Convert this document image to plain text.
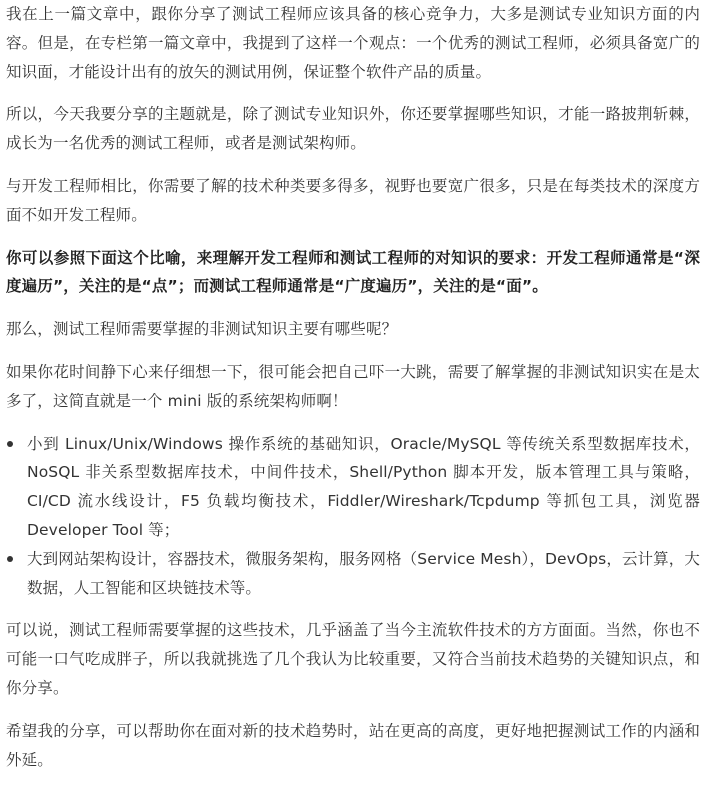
我在上一篇文章中，跟你分享了测试工程师应该具备的核心竞争力，大多是测试专业知识方面的内容。但是，在专栏第一篇文章中，我提到了这样一个观点：一个优秀的测试工程师，必须具备宽广的知识面，才能设计出有的放矢的测试用例，保证整个软件产品的质量。

所以，今天我要分享的主题就是，除了测试专业知识外，你还要掌握哪些知识，才能一路披荆斩棘，成长为一名优秀的测试工程师，或者是测试架构师。

与开发工程师相比，你需要了解的技术种类要多得多，视野也要宽广很多，只是在每类技术的深度方面不如开发工程师。

你可以参照下面这个比喻，来理解开发工程师和测试工程师的对知识的要求：开发工程师通常是“深度遍历”，关注的是“点”；而测试工程师通常是“广度遍历”，关注的是“面”。

那么，测试工程师需要掌握的非测试知识主要有哪些呢？

如果你花时间静下心来仔细想一下，很可能会把自己吓一大跳，需要了解掌握的非测试知识实在是太多了，这简直就是一个 mini 版的系统架构师啊！

小到 Linux/Unix/Windows 操作系统的基础知识，Oracle/MySQL 等传统关系型数据库技术，NoSQL 非关系型数据库技术，中间件技术，Shell/Python 脚本开发，版本管理工具与策略，CI/CD 流水线设计，F5 负载均衡技术，Fiddler/Wireshark/Tcpdump 等抓包工具，浏览器 Developer Tool 等；
大到网站架构设计，容器技术，微服务架构，服务网格（Service Mesh），DevOps，云计算，大数据，人工智能和区块链技术等。

可以说，测试工程师需要掌握的这些技术，几乎涵盖了当今主流软件技术的方方面面。当然，你也不可能一口气吃成胖子，所以我就挑选了几个我认为比较重要，又符合当前技术趋势的关键知识点，和你分享。

希望我的分享，可以帮助你在面对新的技术趋势时，站在更高的高度，更好地把握测试工作的内涵和外延。
